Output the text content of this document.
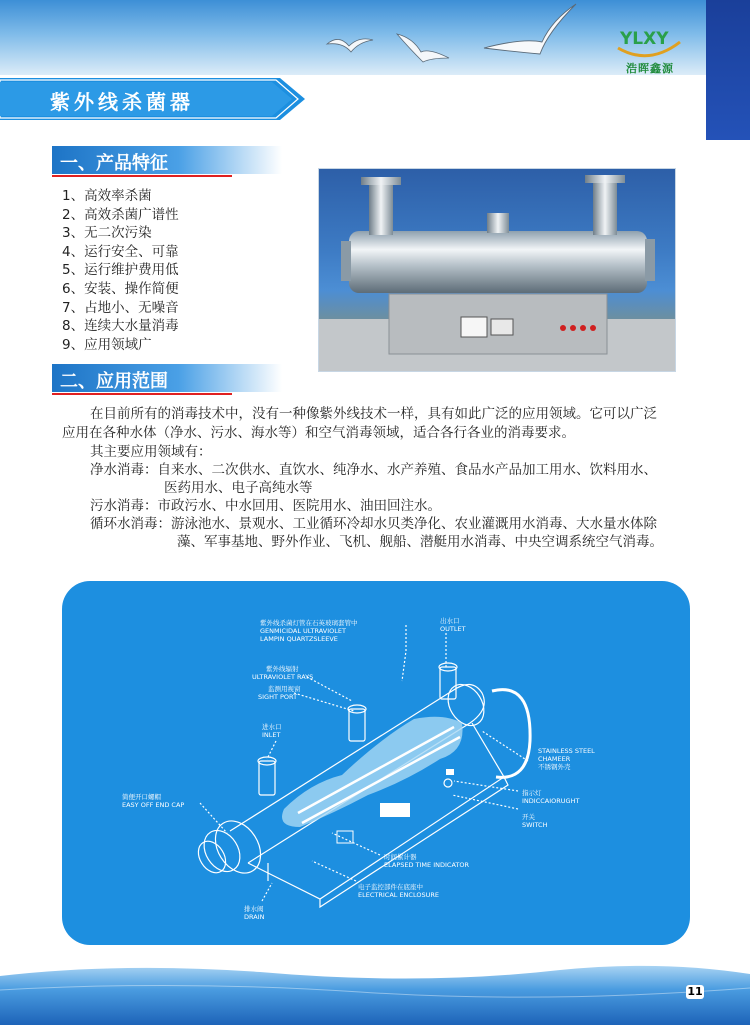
YLXY
浩晖鑫源
紫外线杀菌器
一、产品特征
1、高效率杀菌
2、高效杀菌广谱性
3、无二次污染
4、运行安全、可靠
5、运行维护费用低
6、安装、操作简便
7、占地小、无噪音
8、连续大水量消毒
9、应用领域广
二、应用范围
在目前所有的消毒技术中，没有一种像紫外线技术一样，具有如此广泛的应用领域。它可以广泛
应用在各种水体（净水、污水、海水等）和空气消毒领域，适合各行各业的消毒要求。
其主要应用领域有：
净水消毒：自来水、二次供水、直饮水、纯净水、水产养殖、食品水产品加工用水、饮料用水、
医药用水、电子高纯水等
污水消毒：市政污水、中水回用、医院用水、油田回注水。
循环水消毒：游泳池水、景观水、工业循环冷却水贝类净化、农业灌溉用水消毒、大水量水体除
藻、军事基地、野外作业、飞机、舰船、潜艇用水消毒、中央空调系统空气消毒。
紫外线杀菌灯管在石英玻璃套管中
GENMICIDAL ULTRAVIOLET
LAMPIN QUARTZSLEEVE
出水口
OUTLET
紫外线辐射
ULTRAVIOLET RAYS
监测用视窗
SIGHT PORT
进水口
INLET
STAINLESS STEEL
CHAMEER
不锈钢外壳
简便开口螺帽
EASY OFF END CAP
指示灯
INDICCAIORUGHT
开关
SWITCH
时间累计器
ELAPSED TIME INDICATOR
电子监控部件在底座中
ELECTRICAL ENCLOSURE
排水阀
DRAIN
11
